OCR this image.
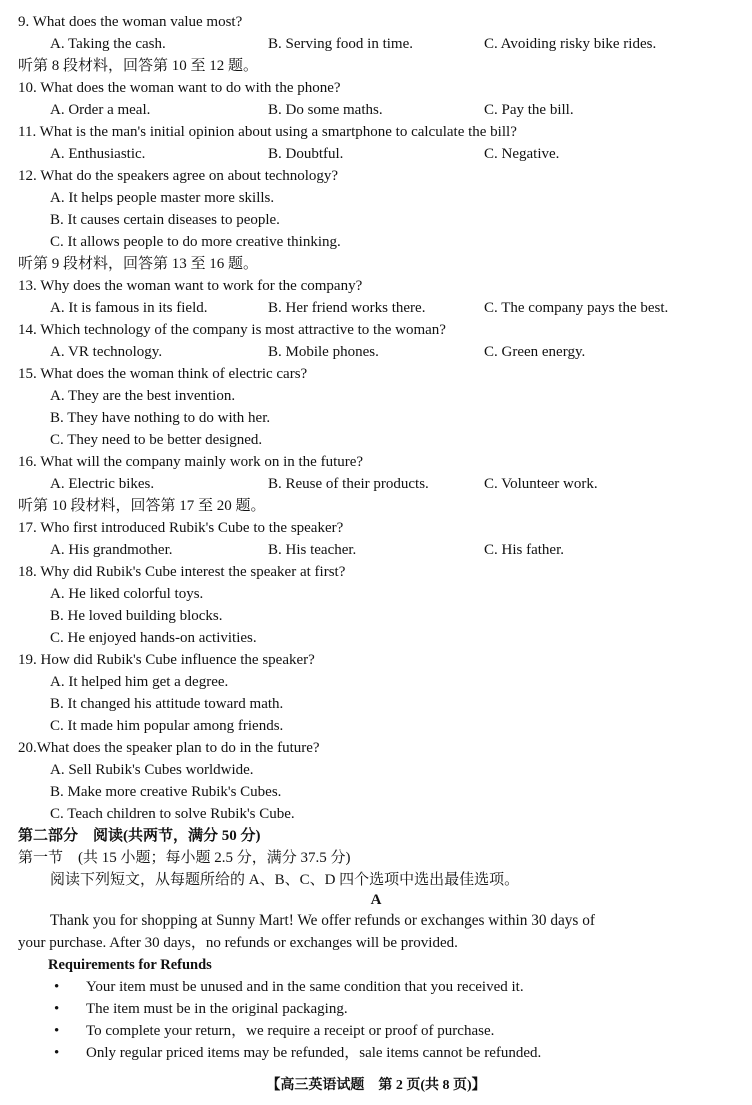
9. What does the woman value most?
A. Taking the cash.	B. Serving food in time.	C. Avoiding risky bike rides.
听第 8 段材料，回答第 10 至 12 题。
10. What does the woman want to do with the phone?
A. Order a meal.	B. Do some maths.	C. Pay the bill.
11. What is the man's initial opinion about using a smartphone to calculate the bill?
A. Enthusiastic.	B. Doubtful.	C. Negative.
12. What do the speakers agree on about technology?
A. It helps people master more skills.
B. It causes certain diseases to people.
C. It allows people to do more creative thinking.
听第 9 段材料，回答第 13 至 16 题。
13. Why does the woman want to work for the company?
A. It is famous in its field.	B. Her friend works there.	C. The company pays the best.
14. Which technology of the company is most attractive to the woman?
A. VR technology.	B. Mobile phones.	C. Green energy.
15. What does the woman think of electric cars?
A. They are the best invention.
B. They have nothing to do with her.
C. They need to be better designed.
16. What will the company mainly work on in the future?
A. Electric bikes.	B. Reuse of their products.	C. Volunteer work.
听第 10 段材料，回答第 17 至 20 题。
17. Who first introduced Rubik's Cube to the speaker?
A. His grandmother.	B. His teacher.	C. His father.
18. Why did Rubik's Cube interest the speaker at first?
A. He liked colorful toys.
B. He loved building blocks.
C. He enjoyed hands-on activities.
19. How did Rubik's Cube influence the speaker?
A. It helped him get a degree.
B. It changed his attitude toward math.
C. It made him popular among friends.
20.What does the speaker plan to do in the future?
A. Sell Rubik's Cubes worldwide.
B. Make more creative Rubik's Cubes.
C. Teach children to solve Rubik's Cube.
第二部分　阅读(共两节，满分 50 分)
第一节　(共 15 小题；每小题 2.5 分，满分 37.5 分)
阅读下列短文，从每题所给的 A、B、C、D 四个选项中选出最佳选项。
A
Thank you for shopping at Sunny Mart! We offer refunds or exchanges within 30 days of
your purchase. After 30 days，no refunds or exchanges will be provided.
Requirements for Refunds
• Your item must be unused and in the same condition that you received it.
• The item must be in the original packaging.
• To complete your return，we require a receipt or proof of purchase.
• Only regular priced items may be refunded，sale items cannot be refunded.
【高三英语试题　第 2 页(共 8 页)】
